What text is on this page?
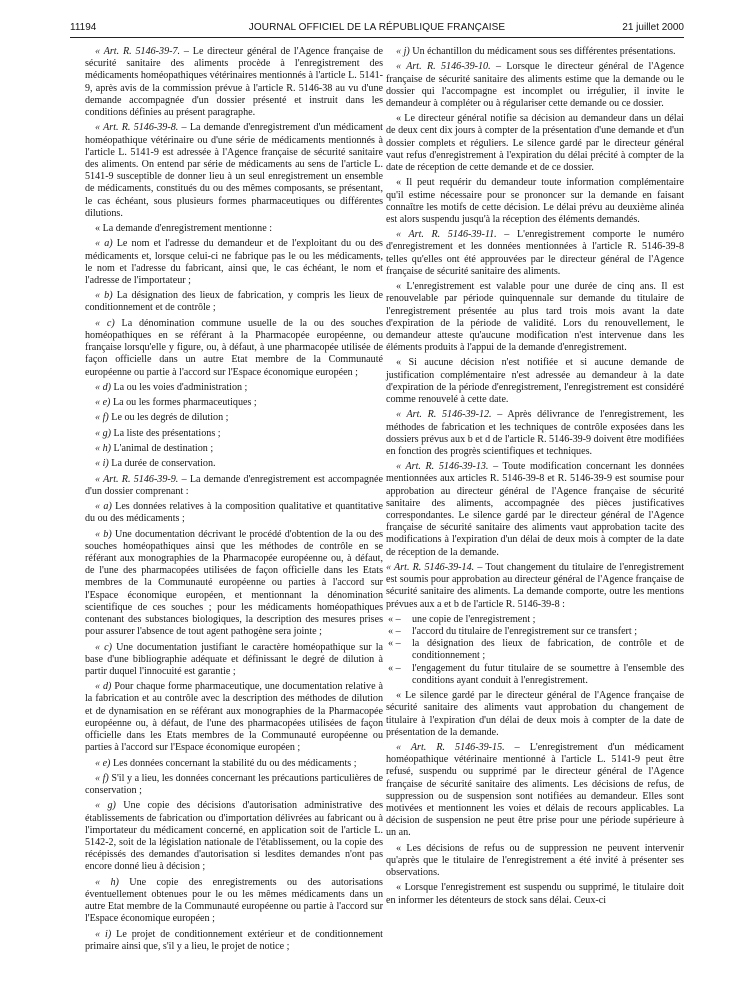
JOURNAL OFFICIEL DE LA RÉPUBLIQUE FRANÇAISE
11194	21 juillet 2000

« Art. R. 5146-39-7. – Le directeur général de l'Agence française de sécurité sanitaire des aliments procède à l'enregistrement des médicaments homéopathiques vétérinaires mentionnés à l'article L. 5141-9, après avis de la commission prévue à l'article R. 5146-38 au vu d'une demande accompagnée d'un dossier présenté et instruit dans les conditions définies au présent paragraphe.

« Art. R. 5146-39-8. – La demande d'enregistrement d'un médicament homéopathique vétérinaire ou d'une série de médicaments mentionnés à l'article L. 5141-9 est adressée à l'Agence française de sécurité sanitaire des aliments. On entend par série de médicaments au sens de l'article L. 5141-9 susceptible de donner lieu à un seul enregistrement un ensemble de médicaments, constitués du ou des mêmes composants, se présentant, le cas échéant, sous plusieurs formes pharmaceutiques ou différentes dilutions.

« La demande d'enregistrement mentionne :

« a) Le nom et l'adresse du demandeur et de l'exploitant du ou des médicaments et, lorsque celui-ci ne fabrique pas le ou les médicaments, le nom et l'adresse du fabricant, ainsi que, le cas échéant, le nom et l'adresse de l'importateur ;

« b) La désignation des lieux de fabrication, y compris les lieux de conditionnement et de contrôle ;

« c) La dénomination commune usuelle de la ou des souches homéopathiques en se référant à la Pharmacopée européenne, ou française lorsqu'elle y figure, ou, à défaut, à une pharmacopée utilisée de façon officielle dans un autre Etat membre de la Communauté européenne ou partie à l'accord sur l'Espace économique européen ;

« d) La ou les voies d'administration ;

« e) La ou les formes pharmaceutiques ;

« f) Le ou les degrés de dilution ;

« g) La liste des présentations ;

« h) L'animal de destination ;

« i) La durée de conservation.

« Art. R. 5146-39-9. – La demande d'enregistrement est accompagnée d'un dossier comprenant :

« a) Les données relatives à la composition qualitative et quantitative du ou des médicaments ;

« b) Une documentation décrivant le procédé d'obtention de la ou des souches homéopathiques ainsi que les méthodes de contrôle en se référant aux monographies de la Pharmacopée européenne ou, à défaut, de l'une des pharmacopées utilisées de façon officielle dans les Etats membres de la Communauté européenne ou parties à l'accord sur l'Espace économique européen, et mentionnant la dénomination scientifique de ces souches ; pour les médicaments homéopathiques contenant des substances biologiques, la description des mesures prises pour assurer l'absence de tout agent pathogène sera jointe ;

« c) Une documentation justifiant le caractère homéopathique sur la base d'une bibliographie adéquate et définissant le degré de dilution à partir duquel l'innocuité est garantie ;

« d) Pour chaque forme pharmaceutique, une documentation relative à la fabrication et au contrôle avec la description des méthodes de dilution et de dynamisation en se référant aux monographies de la Pharmacopée européenne ou, à défaut, de l'une des pharmacopées utilisées de façon officielle dans les Etats membres de la Communauté européenne ou parties à l'accord sur l'Espace économique européen ;

« e) Les données concernant la stabilité du ou des médicaments ;

« f) S'il y a lieu, les données concernant les précautions particulières de conservation ;

« g) Une copie des décisions d'autorisation administrative des établissements de fabrication ou d'importation délivrées au fabricant ou à l'importateur du médicament concerné, en application soit de l'article L. 5142-2, soit de la législation nationale de l'établissement, ou la copie des récépissés des demandes d'autorisation si lesdites demandes n'ont pas encore donné lieu à décision ;

« h) Une copie des enregistrements ou des autorisations éventuellement obtenues pour le ou les mêmes médicaments dans un autre Etat membre de la Communauté européenne ou partie à l'accord sur l'Espace économique européen ;

« i) Le projet de conditionnement extérieur et de conditionnement primaire ainsi que, s'il y a lieu, le projet de notice ;

« j) Un échantillon du médicament sous ses différentes présentations.

« Art. R. 5146-39-10. – Lorsque le directeur général de l'Agence française de sécurité sanitaire des aliments estime que la demande ou le dossier qui l'accompagne est incomplet ou irrégulier, il invite le demandeur à compléter ou à régulariser cette demande ou ce dossier.

« Le directeur général notifie sa décision au demandeur dans un délai de deux cent dix jours à compter de la présentation d'une demande et d'un dossier complets et réguliers. Le silence gardé par le directeur général vaut refus d'enregistrement à l'expiration du délai précité à compter de la date de réception de cette demande et de ce dossier.

« Il peut requérir du demandeur toute information complémentaire qu'il estime nécessaire pour se prononcer sur la demande en faisant connaître les motifs de cette décision. Le délai prévu au deuxième alinéa est alors suspendu jusqu'à la réception des éléments demandés.

« Art. R. 5146-39-11. – L'enregistrement comporte le numéro d'enregistrement et les données mentionnées à l'article R. 5146-39-8 telles qu'elles ont été approuvées par le directeur général de l'Agence française de sécurité sanitaire des aliments.

« L'enregistrement est valable pour une durée de cinq ans. Il est renouvelable par période quinquennale sur demande du titulaire de l'enregistrement présentée au plus tard trois mois avant la date d'expiration de la période de validité. Lors du renouvellement, le demandeur atteste qu'aucune modification n'est intervenue dans les éléments produits à l'appui de la demande d'enregistrement.

« Si aucune décision n'est notifiée et si aucune demande de justification complémentaire n'est adressée au demandeur à la date d'expiration de la période d'enregistrement, l'enregistrement est considéré comme renouvelé à cette date.

« Art. R. 5146-39-12. – Après délivrance de l'enregistrement, les méthodes de fabrication et les techniques de contrôle exposées dans les dossiers prévus aux b et d de l'article R. 5146-39-9 doivent être modifiées en fonction des progrès scientifiques et techniques.

« Art. R. 5146-39-13. – Toute modification concernant les données mentionnées aux articles R. 5146-39-8 et R. 5146-39-9 est soumise pour approbation au directeur général de l'Agence française de sécurité sanitaire des aliments, accompagnée des pièces justificatives correspondantes. Le silence gardé par le directeur général de l'Agence française de sécurité sanitaire des aliments vaut approbation tacite des modifications à l'expiration d'un délai de deux mois à compter de la date de réception de la demande.

« Art. R. 5146-39-14. – Tout changement du titulaire de l'enregistrement est soumis pour approbation au directeur général de l'Agence française de sécurité sanitaire des aliments. La demande comporte, outre les mentions prévues aux a et b de l'article R. 5146-39-8 :

« – une copie de l'enregistrement ;
« – l'accord du titulaire de l'enregistrement sur ce transfert ;
« – la désignation des lieux de fabrication, de contrôle et de conditionnement ;
« – l'engagement du futur titulaire de se soumettre à l'ensemble des conditions ayant conduit à l'enregistrement.

« Le silence gardé par le directeur général de l'Agence française de sécurité sanitaire des aliments vaut approbation du changement de titulaire à l'expiration d'un délai de deux mois à compter de la date de présentation de la demande.

« Art. R. 5146-39-15. – L'enregistrement d'un médicament homéopathique vétérinaire mentionné à l'article L. 5141-9 peut être refusé, suspendu ou supprimé par le directeur général de l'Agence française de sécurité sanitaire des aliments. Les décisions de refus, de suppression ou de suspension sont notifiées au demandeur. Elles sont motivées et mentionnent les voies et délais de recours applicables. La décision de suspension ne peut être prise pour une période supérieure à un an.

« Les décisions de refus ou de suppression ne peuvent intervenir qu'après que le titulaire de l'enregistrement a été invité à présenter ses observations.

« Lorsque l'enregistrement est suspendu ou supprimé, le titulaire doit en informer les détenteurs de stock sans délai. Ceux-ci
